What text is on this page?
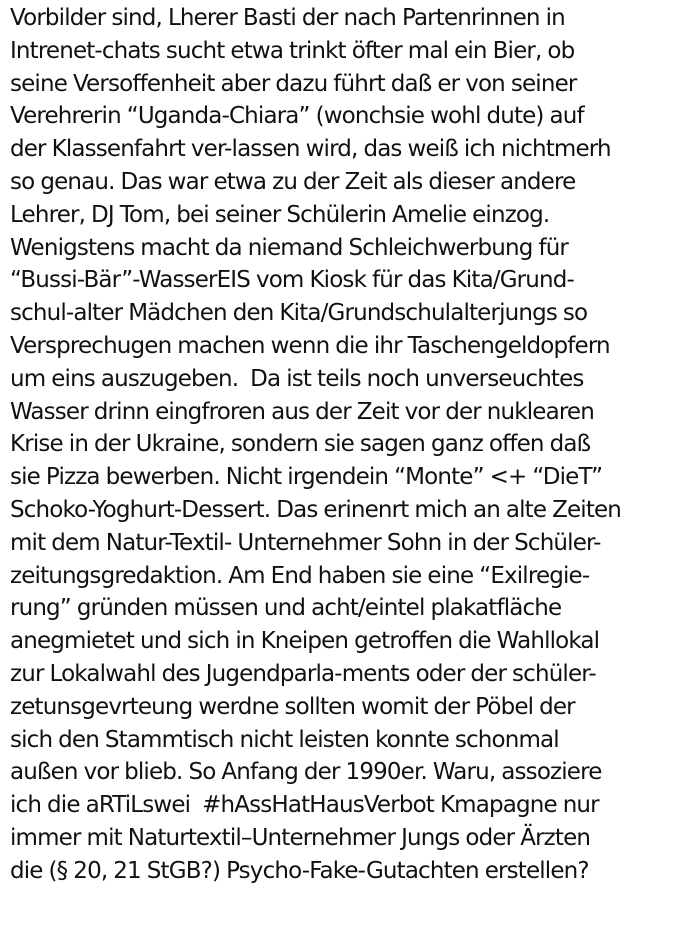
Vorbilder sind, Lherer Basti der nach Partenrinnen in
Intrenet-chats sucht etwa trinkt öfter mal ein Bier, ob
seine Versoffenheit aber dazu führt daß er von seiner
Verehrerin “Uganda-Chiara” (wonchsie wohl dute) auf
der Klassenfahrt ver-lassen wird, das weiß ich nichtmerh
so genau. Das war etwa zu der Zeit als dieser andere
Lehrer, DJ Tom, bei seiner Schülerin Amelie einzog.
Wenigstens macht da niemand Schleichwerbung für
“Bussi-Bär”-WasserEIS vom Kiosk für das Kita/Grund-
schul-alter Mädchen den Kita/Grundschulalterjungs so
Versprechugen machen wenn die ihr Taschengeldopfern
um eins auszugeben.  Da ist teils noch unverseuchtes
Wasser drinn eingfroren aus der Zeit vor der nuklearen
Krise in der Ukraine, sondern sie sagen ganz offen daß
sie Pizza bewerben. Nicht irgendein “Monte” <+ “DieT”
Schoko-Yoghurt-Dessert. Das erinenrt mich an alte Zeiten
mit dem Natur-Textil- Unternehmer Sohn in der Schüler-
zeitungsgredaktion. Am End haben sie eine “Exilregie-
rung” gründen müssen und acht/eintel plakatfläche
anegmietet und sich in Kneipen getroffen die Wahllokal
zur Lokalwahl des Jugendparla-ments oder der schüler-
zetunsgevrteung werdne sollten womit der Pöbel der
sich den Stammtisch nicht leisten konnte schonmal
außen vor blieb. So Anfang der 1990er. Waru, assoziere
ich die aRTiLswei  #hAssHatHausVerbot Kmapagne nur
immer mit Naturtextil–Unternehmer Jungs oder Ärzten
die (§ 20, 21 StGB?) Psycho-Fake-Gutachten erstellen?
